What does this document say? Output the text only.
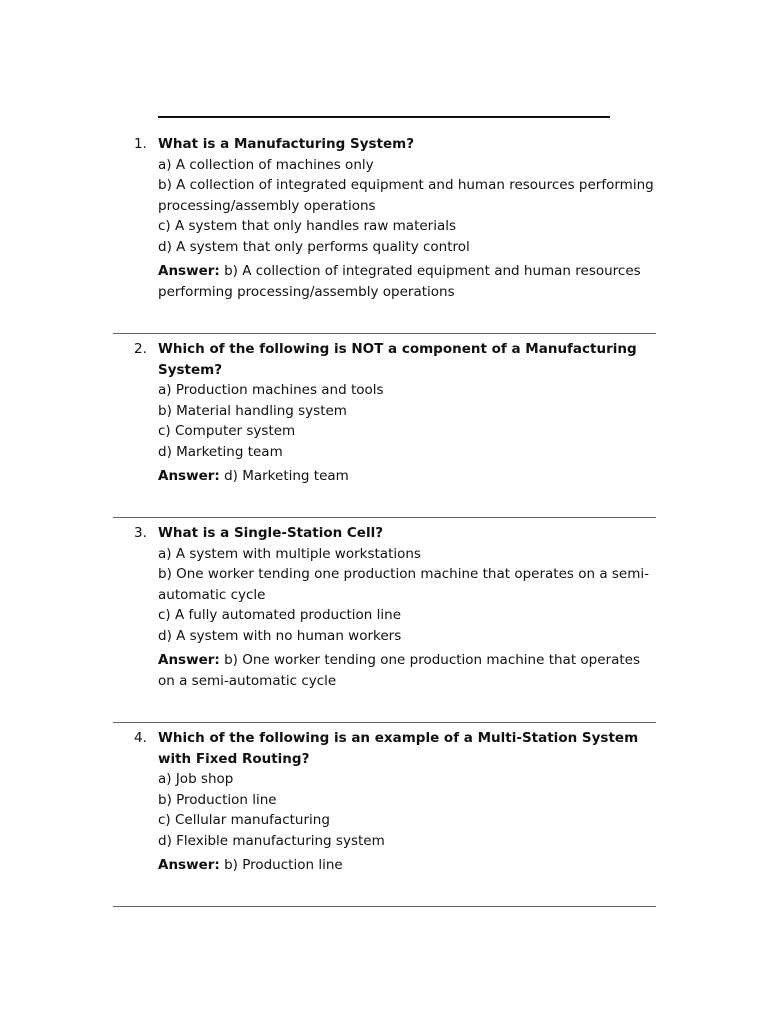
1. What is a Manufacturing System?

a) A collection of machines only

b) A collection of integrated equipment and human resources performing processing/assembly operations

c) A system that only handles raw materials

d) A system that only performs quality control

Answer: b) A collection of integrated equipment and human resources performing processing/assembly operations

2. Which of the following is NOT a component of a Manufacturing System?

a) Production machines and tools

b) Material handling system

c) Computer system

d) Marketing team

Answer: d) Marketing team

3. What is a Single-Station Cell?

a) A system with multiple workstations

b) One worker tending one production machine that operates on a semi-automatic cycle

c) A fully automated production line

d) A system with no human workers

Answer: b) One worker tending one production machine that operates on a semi-automatic cycle

4. Which of the following is an example of a Multi-Station System with Fixed Routing?

a) Job shop

b) Production line

c) Cellular manufacturing

d) Flexible manufacturing system

Answer: b) Production line
